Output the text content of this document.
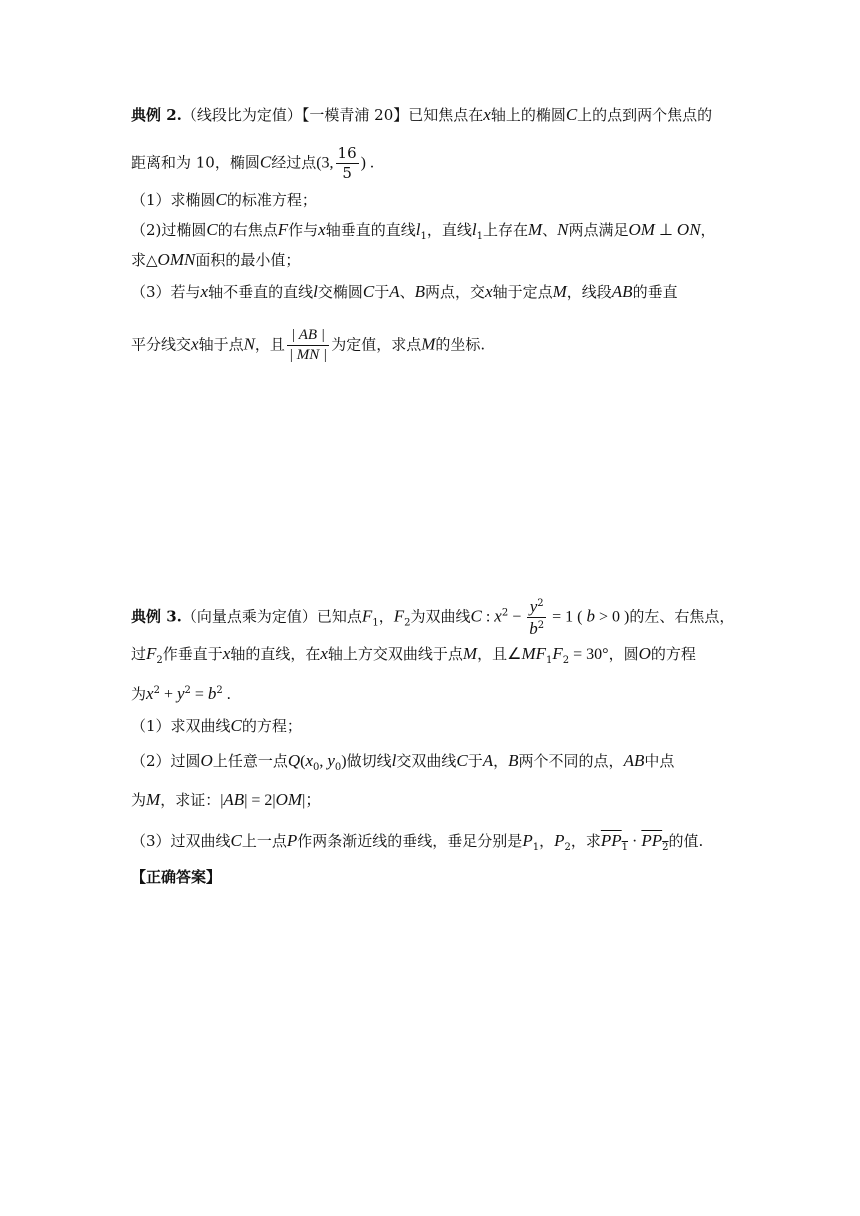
典例 2.（线段比为定值）【一模青浦 20】已知焦点在x轴上的椭圆C上的点到两个焦点的
距离和为 10，椭圆C经过点(3, $\frac{16}{5}$ ) .
（1）求椭圆C的标准方程；
（2)过椭圆C的右焦点F作与x轴垂直的直线$l_1$，直线$l_1$上存在M、N两点满足OM ⊥ ON，
求△OMN面积的最小值；
（3）若与x轴不垂直的直线l交椭圆C于A、B两点，交x轴于定点M，线段AB的垂直
平分线交x轴于点N，且 $\frac{| AB |}{| MN |}$ 为定值，求点M的坐标.
典例 3.（向量点乘为定值）已知点$F_1$，$F_2$为双曲线C : $x^2 - \frac{y^2}{b^2} = 1$ ( b > 0 )的左、右焦点，
过$F_2$作垂直于x轴的直线，在x轴上方交双曲线于点M，且$\angle MF_1F_2 = 30^\circ$，圆O的方程
为$x^2 + y^2 = b^2$ .
（1）求双曲线C的方程；
（2）过圆O上任意一点$Q(x_0$, $y_0$)做切线l交双曲线C于A，B两个不同的点，AB中点
为M，求证：|AB| = 2|OM|；
（3）过双曲线C上一点P作两条渐近线的垂线，垂足分别是$P_1$，$P_2$，求$\overline{PP}_1 \cdot \overline{PP}_2$的值.
【正确答案】
